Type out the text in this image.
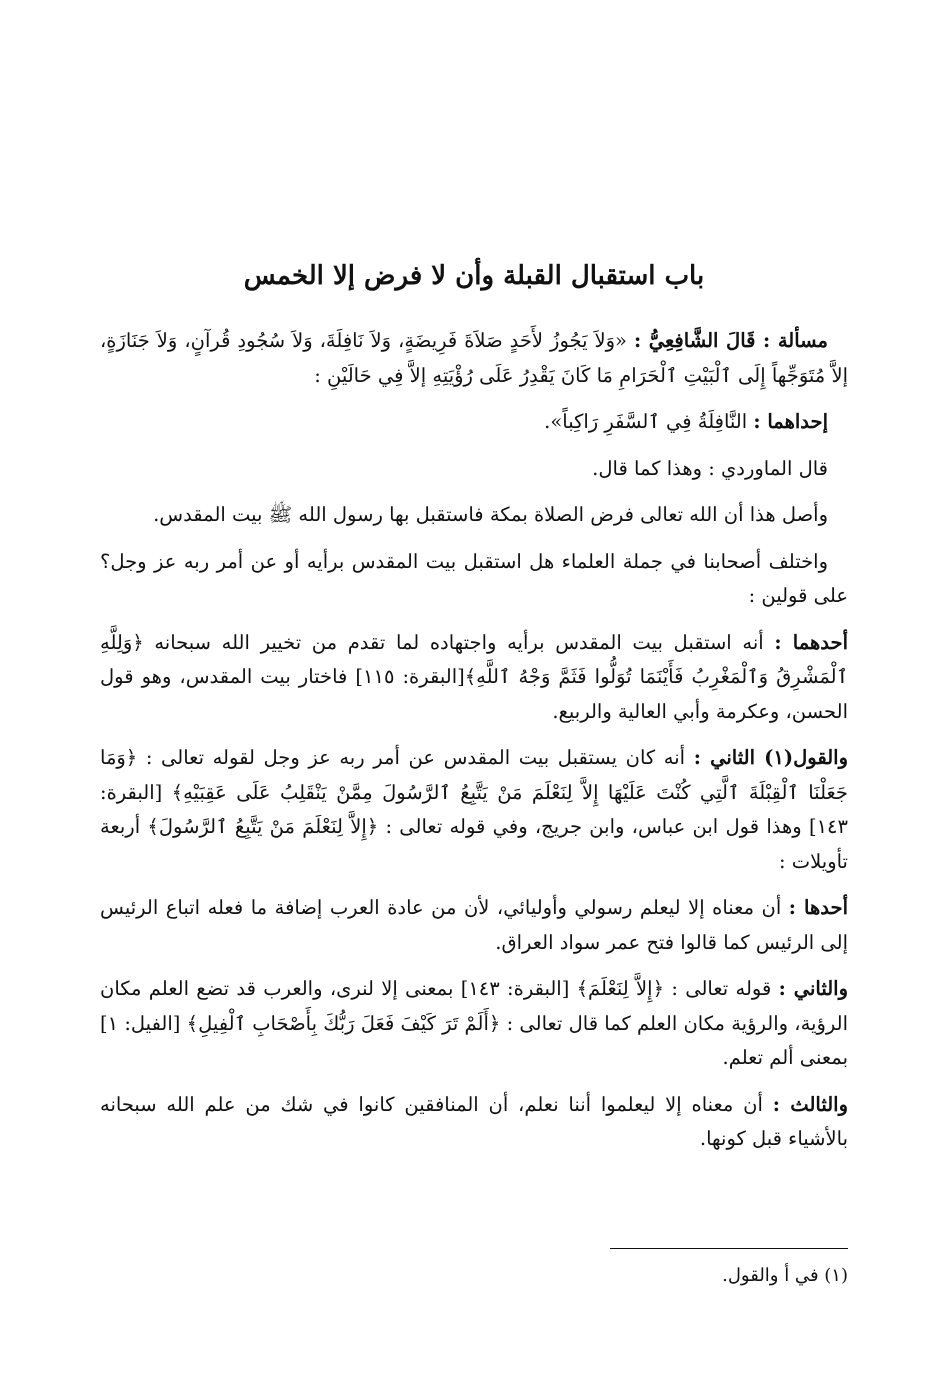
باب استقبال القبلة وأن لا فرض إلا الخمس

مسألة : قَالَ الشَّافِعِيُّ : «وَلاَ يَجُوزُ لأَحَدٍ صَلاَةَ فَرِيضَةٍ، وَلاَ نَافِلَةَ، وَلاَ سُجُودِ قُرآنٍ، وَلاَ جَنَازَةٍ، إلاَّ مُتَوَجِّهاً إِلَى ٱلْبَيْتِ ٱلْحَرَامِ مَا كَانَ يَقْدِرُ عَلَى رُؤْيَتِهِ إلاَّ فِي حَالَيْنِ :

إحداهما : النَّافِلَةُ فِي ٱلسَّفَرِ رَاكِباً».

قال الماوردي : وهذا كما قال.

وأصل هذا أن الله تعالى فرض الصلاة بمكة فاستقبل بها رسول الله ﷺ بيت المقدس.

واختلف أصحابنا في جملة العلماء هل استقبل بيت المقدس برأيه أو عن أمر ربه عز وجل؟ على قولين :

أحدهما : أنه استقبل بيت المقدس برأيه واجتهاده لما تقدم من تخيير الله سبحانه ﴿وَلِلَّهِ ٱلْمَشْرِقُ وَٱلْمَغْرِبُ فَأَيْنَمَا تُوَلُّوا فَثَمَّ وَجْهُ ٱللَّهِ﴾[البقرة: ١١٥] فاختار بيت المقدس، وهو قول الحسن، وعكرمة وأبي العالية والربيع.

والقول(١) الثاني : أنه كان يستقبل بيت المقدس عن أمر ربه عز وجل لقوله تعالى : ﴿وَمَا جَعَلْنَا ٱلْقِبْلَةَ ٱلَّتِي كُنْتَ عَلَيْهَا إِلاَّ لِنَعْلَمَ مَنْ يَتَّبِعُ ٱلرَّسُولَ مِمَّنْ يَنْقَلِبُ عَلَى عَقِبَيْهِ﴾ [البقرة: ١٤٣] وهذا قول ابن عباس، وابن جريج، وفي قوله تعالى : ﴿إِلاَّ لِنَعْلَمَ مَنْ يَتَّبِعُ ٱلرَّسُولَ﴾ أربعة تأويلات :

أحدها : أن معناه إلا ليعلم رسولي وأوليائي، لأن من عادة العرب إضافة ما فعله اتباع الرئيس إلى الرئيس كما قالوا فتح عمر سواد العراق.

والثاني : قوله تعالى : ﴿إِلاَّ لِنَعْلَمَ﴾ [البقرة: ١٤٣] بمعنى إلا لنرى، والعرب قد تضع العلم مكان الرؤية، والرؤية مكان العلم كما قال تعالى : ﴿أَلَمْ تَرَ كَيْفَ فَعَلَ رَبُّكَ بِأَصْحَابِ ٱلْفِيلِ﴾ [الفيل: ١] بمعنى ألم تعلم.

والثالث : أن معناه إلا ليعلموا أننا نعلم، أن المنافقين كانوا في شك من علم الله سبحانه بالأشياء قبل كونها.

(١) في أ والقول.
